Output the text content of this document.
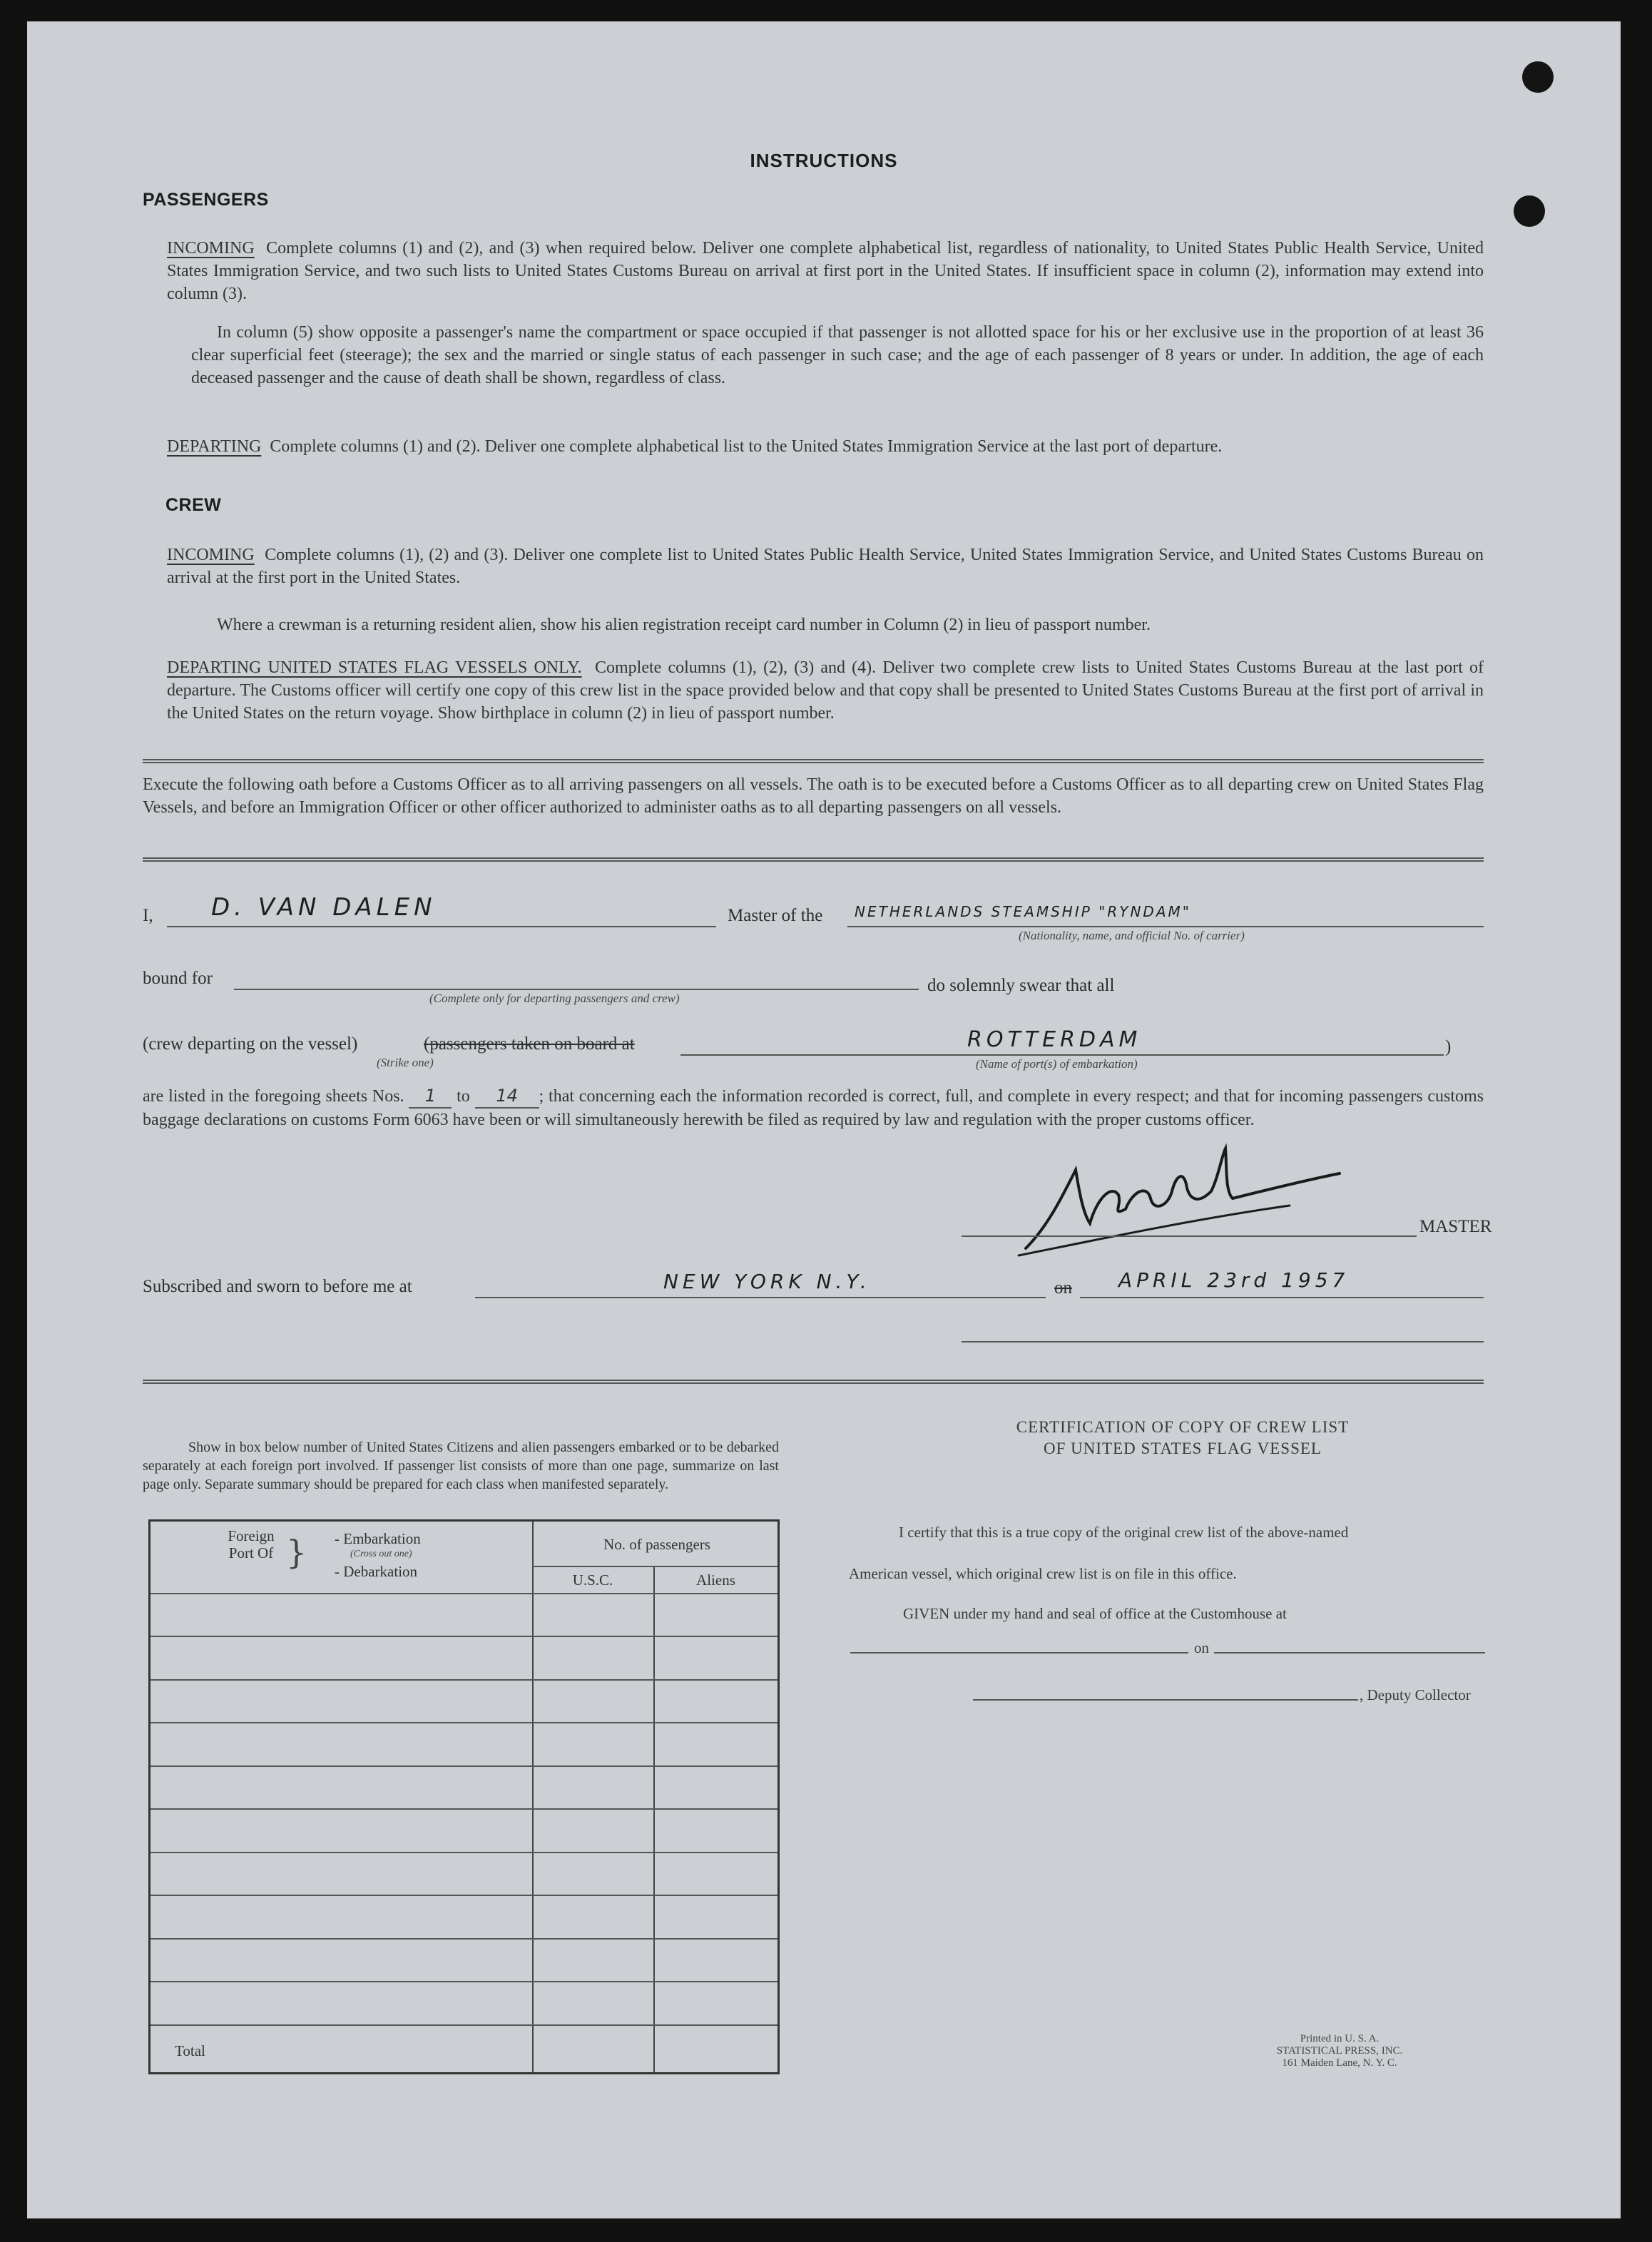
INSTRUCTIONS
PASSENGERS
INCOMING Complete columns (1) and (2), and (3) when required below. Deliver one complete alphabetical list, regardless of nationality, to United States Public Health Service, United States Immigration Service, and two such lists to United States Customs Bureau on arrival at first port in the United States. If insufficient space in column (2), information may extend into column (3).
In column (5) show opposite a passenger's name the compartment or space occupied if that passenger is not allotted space for his or her exclusive use in the proportion of at least 36 clear superficial feet (steerage); the sex and the married or single status of each passenger in such case; and the age of each passenger of 8 years or under. In addition, the age of each deceased passenger and the cause of death shall be shown, regardless of class.
DEPARTING Complete columns (1) and (2). Deliver one complete alphabetical list to the United States Immigration Service at the last port of departure.
CREW
INCOMING Complete columns (1), (2) and (3). Deliver one complete list to United States Public Health Service, United States Immigration Service, and United States Customs Bureau on arrival at the first port in the United States.
Where a crewman is a returning resident alien, show his alien registration receipt card number in Column (2) in lieu of passport number.
DEPARTING UNITED STATES FLAG VESSELS ONLY. Complete columns (1), (2), (3) and (4). Deliver two complete crew lists to United States Customs Bureau at the last port of departure. The Customs officer will certify one copy of this crew list in the space provided below and that copy shall be presented to United States Customs Bureau at the first port of arrival in the United States on the return voyage. Show birthplace in column (2) in lieu of passport number.
Execute the following oath before a Customs Officer as to all arriving passengers on all vessels. The oath is to be executed before a Customs Officer as to all departing crew on United States Flag Vessels, and before an Immigration Officer or other officer authorized to administer oaths as to all departing passengers on all vessels.
I, D. VAN DALEN	Master of the NETHERLANDS STEAMSHIP "RYNDAM"
(Nationality, name, and official No. of carrier)
bound for
(Complete only for departing passengers and crew)
do solemnly swear that all
(crew departing on the vessel)	(passengers taken on board at
(Strike one)
ROTTERDAM
(Name of port(s) of embarkation)
)
are listed in the foregoing sheets Nos. 1 to 14 ; that concerning each the information recorded is correct, full, and complete in every respect; and that for incoming passengers customs baggage declarations on customs Form 6063 have been or will simultaneously herewith be filed as required by law and regulation with the proper customs officer.
MASTER
Subscribed and sworn to before me at	NEW YORK N.Y.	on APRIL 23rd 1957
Show in box below number of United States Citizens and alien passengers embarked or to be debarked separately at each foreign port involved. If passenger list consists of more than one page, summarize on last page only. Separate summary should be prepared for each class when manifested separately.
Foreign Port Of } - Embarkation
(Cross out one)
- Debarkation
No. of passengers
U.S.C.	Aliens
Total
CERTIFICATION OF COPY OF CREW LIST
OF UNITED STATES FLAG VESSEL
I certify that this is a true copy of the original crew list of the above-named
American vessel, which original crew list is on file in this office.
GIVEN under my hand and seal of office at the Customhouse at
on
, Deputy Collector
Printed in U. S. A.
STATISTICAL PRESS, INC.
161 Maiden Lane, N. Y. C.
